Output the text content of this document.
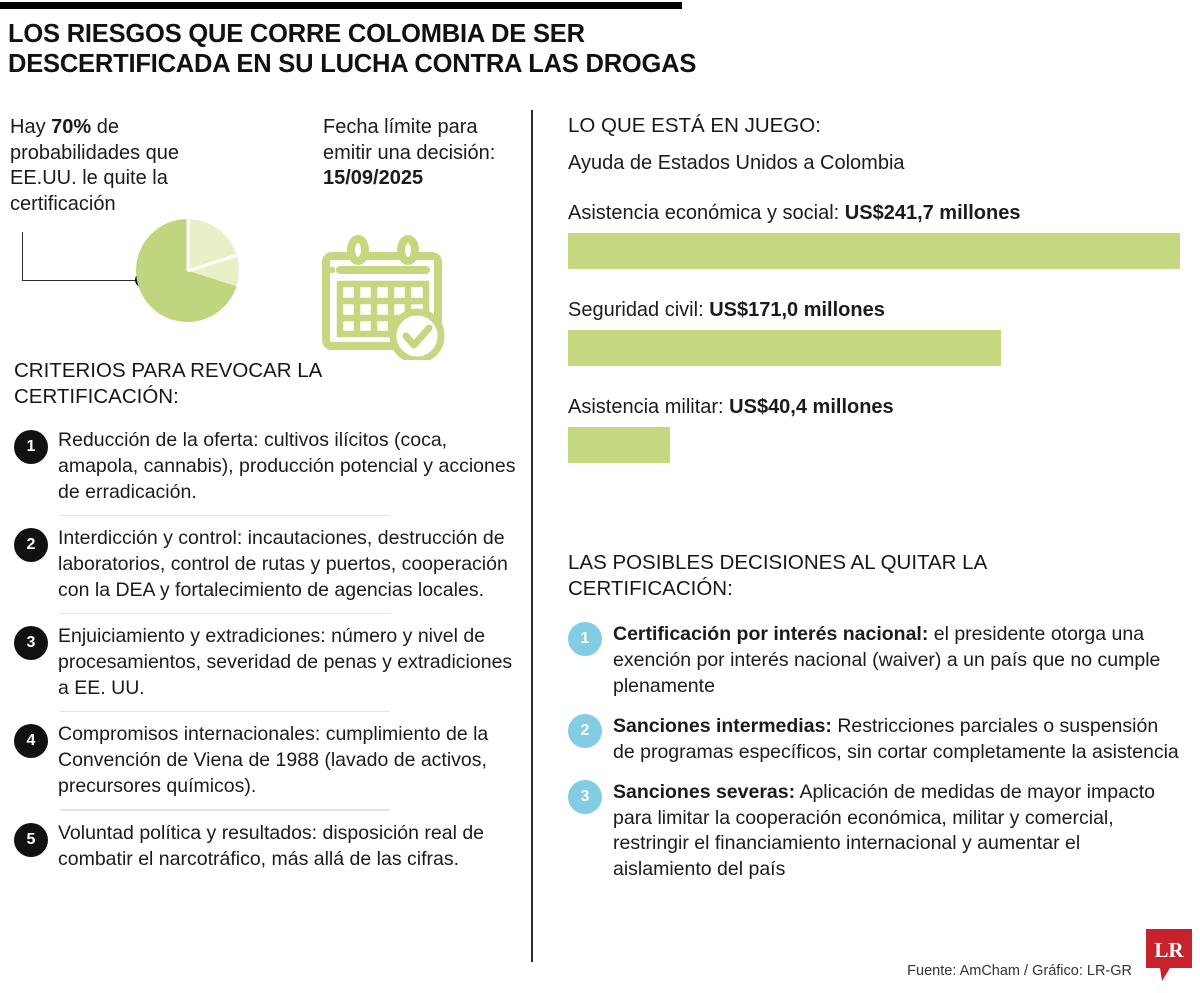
LOS RIESGOS QUE CORRE COLOMBIA DE SER DESCERTIFICADA EN SU LUCHA CONTRA LAS DROGAS
Hay 70% de probabilidades que EE.UU. le quite la certificación
Fecha límite para emitir una decisión:
15/09/2025
CRITERIOS PARA REVOCAR LA CERTIFICACIÓN:
1	Reducción de la oferta: cultivos ilícitos (coca, amapola, cannabis), producción potencial y acciones de erradicación.
2	Interdicción y control: incautaciones, destrucción de laboratorios, control de rutas y puertos, cooperación con la DEA y fortalecimiento de agencias locales.
3	Enjuiciamiento y extradiciones: número y nivel de procesamientos, severidad de penas y extradiciones a EE. UU.
4	Compromisos internacionales: cumplimiento de la Convención de Viena de 1988 (lavado de activos, precursores químicos).
5	Voluntad política y resultados: disposición real de combatir el narcotráfico, más allá de las cifras.
LO QUE ESTÁ EN JUEGO:
Ayuda de Estados Unidos a Colombia
Asistencia económica y social: US$241,7 millones
Seguridad civil: US$171,0 millones
Asistencia militar: US$40,4 millones
LAS POSIBLES DECISIONES AL QUITAR LA CERTIFICACIÓN:
1	Certificación por interés nacional: el presidente otorga una exención por interés nacional (waiver) a un país que no cumple plenamente
2	Sanciones intermedias: Restricciones parciales o suspensión de programas específicos, sin cortar completamente la asistencia
3	Sanciones severas: Aplicación de medidas de mayor impacto para limitar la cooperación económica, militar y comercial, restringir el financiamiento internacional y aumentar el aislamiento del país
Fuente: AmCham / Gráfico: LR-GR
LR
